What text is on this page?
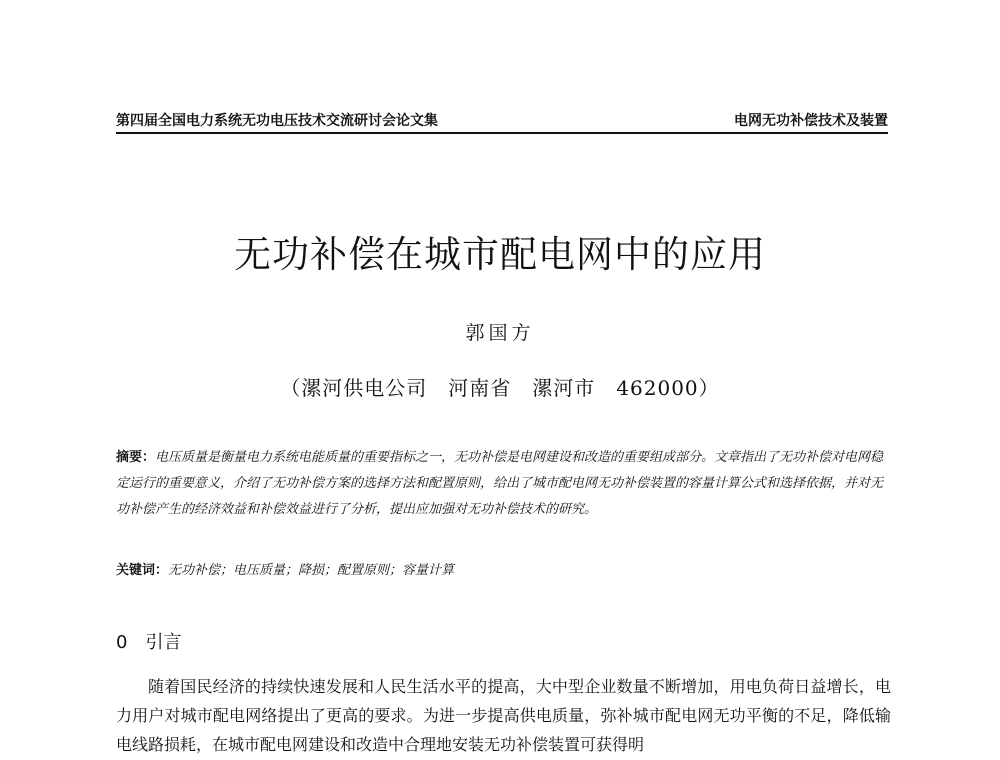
第四届全国电力系统无功电压技术交流研讨会论文集	电网无功补偿技术及装置
无功补偿在城市配电网中的应用
郭国方
（漯河供电公司　河南省　漯河市　462000）
摘要：电压质量是衡量电力系统电能质量的重要指标之一，无功补偿是电网建设和改造的重要组成部分。文章指出了无功补偿对电网稳定运行的重要意义，介绍了无功补偿方案的选择方法和配置原则，给出了城市配电网无功补偿装置的容量计算公式和选择依据，并对无功补偿产生的经济效益和补偿效益进行了分析，提出应加强对无功补偿技术的研究。
关键词：无功补偿；电压质量；降损；配置原则；容量计算
0 引言
随着国民经济的持续快速发展和人民生活水平的提高，大中型企业数量不断增加，用电负荷日益增长，电力用户对城市配电网络提出了更高的要求。为进一步提高供电质量，弥补城市配电网无功平衡的不足，降低输电线路损耗，在城市配电网建设和改造中合理地安装无功补偿装置可获得明
